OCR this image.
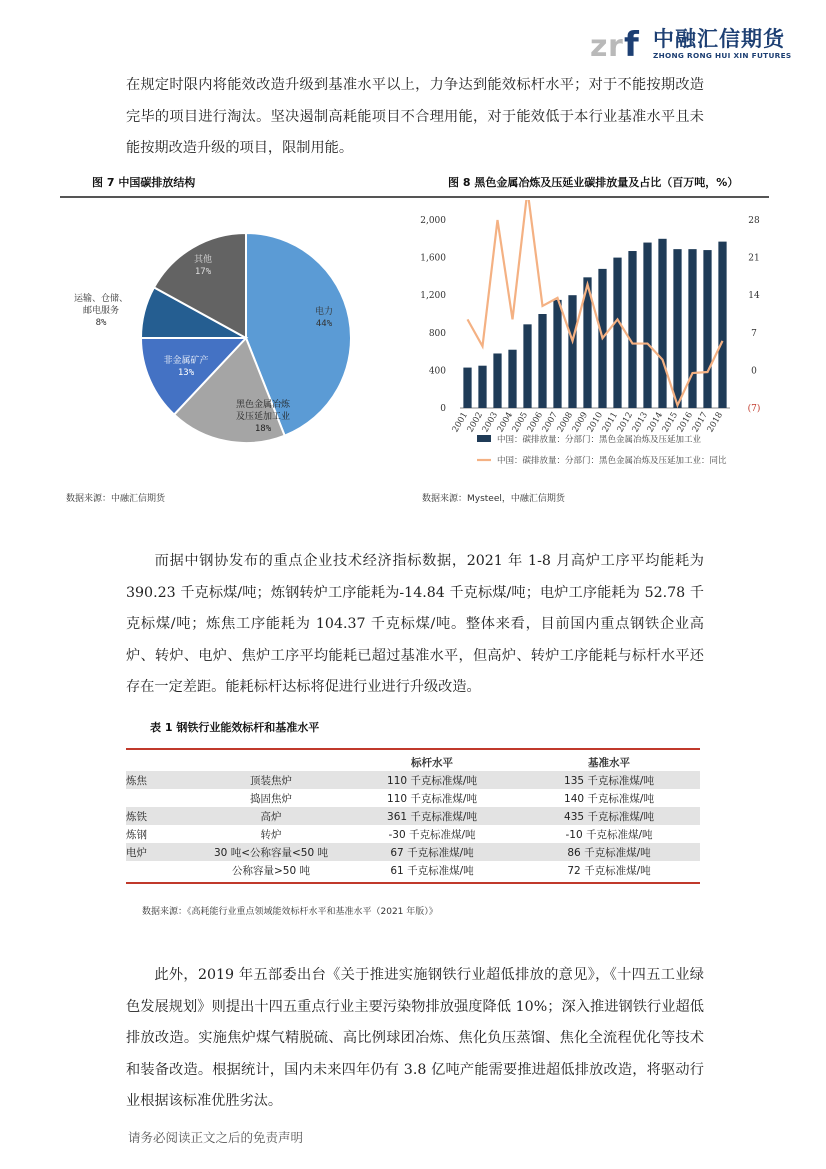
z r f 中融汇信期货
ZHONG RONG HUI XIN FUTURES

在规定时限内将能效改造升级到基准水平以上，力争达到能效标杆水平；对于不能按期改造完毕的项目进行淘汰。坚决遏制高耗能项目不合理用能，对于能效低于本行业基准水平且未能按期改造升级的项目，限制用能。

图 7 中国碳排放结构	图 8 黑色金属冶炼及压延业碳排放量及占比（百万吨，%）
电力
44%
黑色金属冶炼
及压延加工业
18%
非金属矿产
13%
运输、仓储、
邮电服务
8%
其他
17%
0
400
800
1,200
1,600
2,000
(7)
0
7
14
21
28
2001
2002
2003
2004
2005
2006
2007
2008
2009
2010
2011
2012
2013
2014
2015
2016
2017
2018
中国：碳排放量：分部门：黑色金属冶炼及压延加工业
中国：碳排放量：分部门：黑色金属冶炼及压延加工业：同比
数据来源：中融汇信期货	数据来源：Mysteel，中融汇信期货

而据中钢协发布的重点企业技术经济指标数据，2021 年 1-8 月高炉工序平均能耗为390.23 千克标煤/吨；炼钢转炉工序能耗为-14.84 千克标煤/吨；电炉工序能耗为 52.78 千克标煤/吨；炼焦工序能耗为 104.37 千克标煤/吨。整体来看，目前国内重点钢铁企业高炉、转炉、电炉、焦炉工序平均能耗已超过基准水平，但高炉、转炉工序能耗与标杆水平还存在一定差距。能耗标杆达标将促进行业进行升级改造。

表 1 钢铁行业能效标杆和基准水平
		标杆水平	基准水平
炼焦	顶装焦炉	110 千克标准煤/吨	135 千克标准煤/吨
	捣固焦炉	110 千克标准煤/吨	140 千克标准煤/吨
炼铁	高炉	361 千克标准煤/吨	435 千克标准煤/吨
炼钢	转炉	-30 千克标准煤/吨	-10 千克标准煤/吨
电炉	30 吨<公称容量<50 吨	67 千克标准煤/吨	86 千克标准煤/吨
	公称容量>50 吨	61 千克标准煤/吨	72 千克标准煤/吨
数据来源：《高耗能行业重点领域能效标杆水平和基准水平（2021 年版）》

此外，2019 年五部委出台《关于推进实施钢铁行业超低排放的意见》，《十四五工业绿色发展规划》则提出十四五重点行业主要污染物排放强度降低 10%；深入推进钢铁行业超低排放改造。实施焦炉煤气精脱硫、高比例球团冶炼、焦化负压蒸馏、焦化全流程优化等技术和装备改造。根据统计，国内未来四年仍有 3.8 亿吨产能需要推进超低排放改造，将驱动行业根据该标准优胜劣汰。

请务必阅读正文之后的免责声明
